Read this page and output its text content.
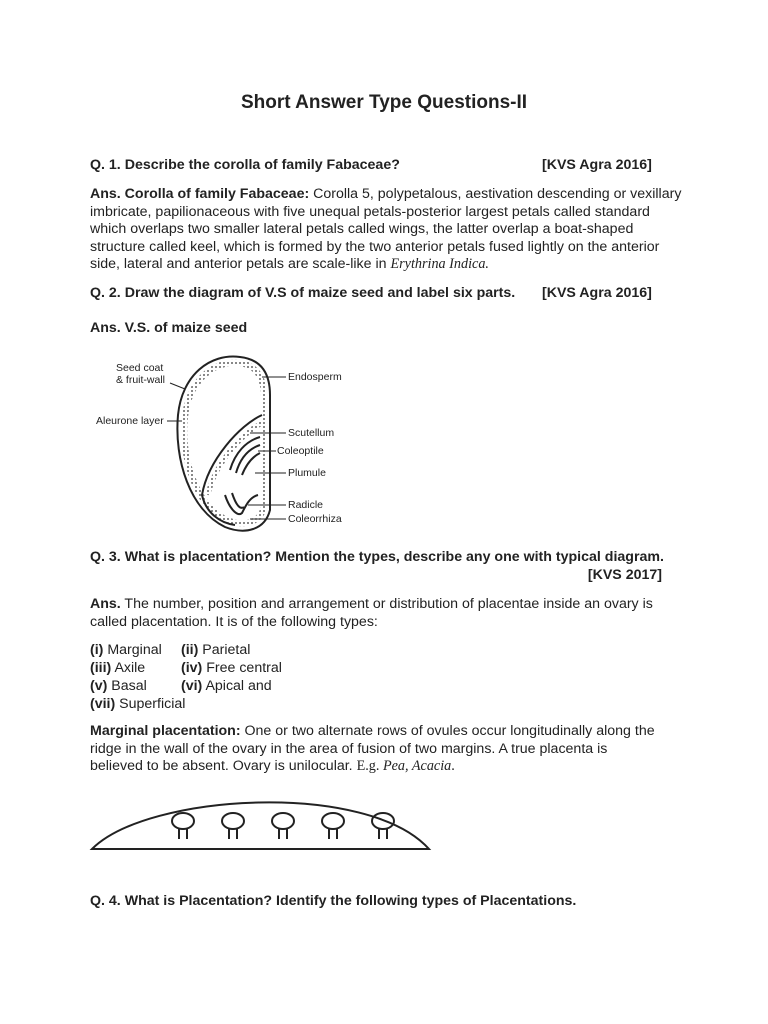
Short Answer Type Questions-II
Q. 1. Describe the corolla of family Fabaceae?	[KVS Agra 2016]
Ans. Corolla of family Fabaceae: Corolla 5, polypetalous, aestivation descending or vexillary imbricate, papilionaceous with five unequal petals-posterior largest petals called standard which overlaps two smaller lateral petals called wings, the latter overlap a boat-shaped structure called keel, which is formed by the two anterior petals fused lightly on the anterior side, lateral and anterior petals are scale-like in Erythrina Indica.
Q. 2. Draw the diagram of V.S of maize seed and label six parts. [KVS Agra 2016]
Ans. V.S. of maize seed
Seed coat
& fruit-wall
Aleurone layer
Endosperm
Scutellum
Coleoptile
Plumule
Radicle
Coleorrhiza
Q. 3. What is placentation? Mention the types, describe any one with typical diagram.
[KVS 2017]
Ans. The number, position and arrangement or distribution of placentae inside an ovary is called placentation. It is of the following types:
(i) Marginal (ii) Parietal
(iii) Axile	(iv) Free central
(v) Basal (vi) Apical and
(vii) Superficial
Marginal placentation: One or two alternate rows of ovules occur longitudinally along the ridge in the wall of the ovary in the area of fusion of two margins. A true placenta is believed to be absent. Ovary is unilocular. E.g. Pea, Acacia.
Q. 4. What is Placentation? Identify the following types of Placentations.
